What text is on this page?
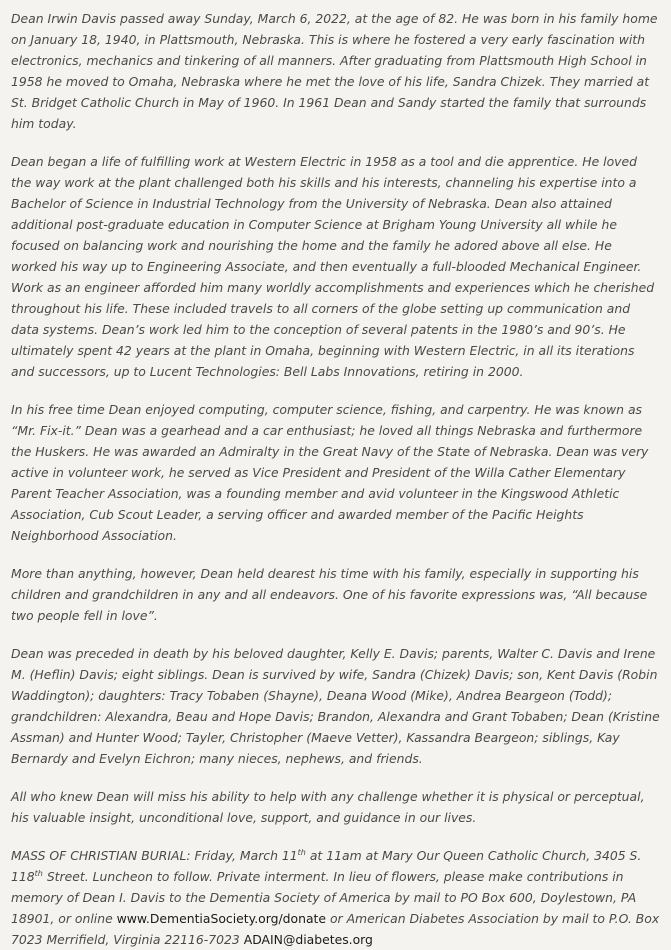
Dean Irwin Davis passed away Sunday, March 6, 2022, at the age of 82. He was born in his family home on January 18, 1940, in Plattsmouth, Nebraska. This is where he fostered a very early fascination with electronics, mechanics and tinkering of all manners. After graduating from Plattsmouth High School in 1958 he moved to Omaha, Nebraska where he met the love of his life, Sandra Chizek. They married at St. Bridget Catholic Church in May of 1960. In 1961 Dean and Sandy started the family that surrounds him today.

Dean began a life of fulfilling work at Western Electric in 1958 as a tool and die apprentice. He loved the way work at the plant challenged both his skills and his interests, channeling his expertise into a Bachelor of Science in Industrial Technology from the University of Nebraska. Dean also attained additional post-graduate education in Computer Science at Brigham Young University all while he focused on balancing work and nourishing the home and the family he adored above all else. He worked his way up to Engineering Associate, and then eventually a full-blooded Mechanical Engineer. Work as an engineer afforded him many worldly accomplishments and experiences which he cherished throughout his life. These included travels to all corners of the globe setting up communication and data systems. Dean’s work led him to the conception of several patents in the 1980’s and 90’s. He ultimately spent 42 years at the plant in Omaha, beginning with Western Electric, in all its iterations and successors, up to Lucent Technologies: Bell Labs Innovations, retiring in 2000.

In his free time Dean enjoyed computing, computer science, fishing, and carpentry. He was known as “Mr. Fix-it.” Dean was a gearhead and a car enthusiast; he loved all things Nebraska and furthermore the Huskers. He was awarded an Admiralty in the Great Navy of the State of Nebraska. Dean was very active in volunteer work, he served as Vice President and President of the Willa Cather Elementary Parent Teacher Association, was a founding member and avid volunteer in the Kingswood Athletic Association, Cub Scout Leader, a serving officer and awarded member of the Pacific Heights Neighborhood Association.

More than anything, however, Dean held dearest his time with his family, especially in supporting his children and grandchildren in any and all endeavors. One of his favorite expressions was, “All because two people fell in love”.

Dean was preceded in death by his beloved daughter, Kelly E. Davis; parents, Walter C. Davis and Irene M. (Heflin) Davis; eight siblings. Dean is survived by wife, Sandra (Chizek) Davis; son, Kent Davis (Robin Waddington); daughters: Tracy Tobaben (Shayne), Deana Wood (Mike), Andrea Beargeon (Todd); grandchildren: Alexandra, Beau and Hope Davis; Brandon, Alexandra and Grant Tobaben; Dean (Kristine Assman) and Hunter Wood; Tayler, Christopher (Maeve Vetter), Kassandra Beargeon; siblings, Kay Bernardy and Evelyn Eichron; many nieces, nephews, and friends.

All who knew Dean will miss his ability to help with any challenge whether it is physical or perceptual, his valuable insight, unconditional love, support, and guidance in our lives.

MASS OF CHRISTIAN BURIAL: Friday, March 11th at 11am at Mary Our Queen Catholic Church, 3405 S. 118th Street. Luncheon to follow. Private interment. In lieu of flowers, please make contributions in memory of Dean I. Davis to the Dementia Society of America by mail to PO Box 600, Doylestown, PA 18901, or online www.DementiaSociety.org/donate or American Diabetes Association by mail to P.O. Box 7023 Merrifield, Virginia 22116-7023 ADAIN@diabetes.org
